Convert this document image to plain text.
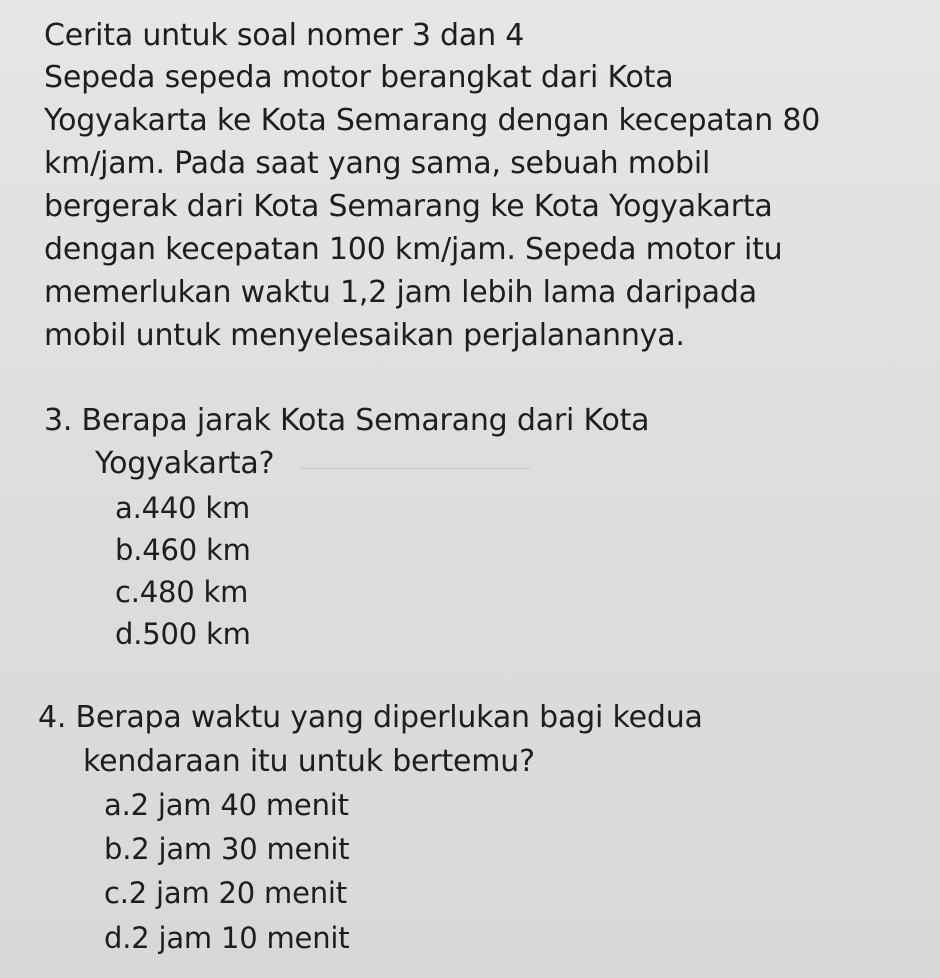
Cerita untuk soal nomer 3 dan 4
Sepeda sepeda motor berangkat dari Kota
Yogyakarta ke Kota Semarang dengan kecepatan 80
km/jam. Pada saat yang sama, sebuah mobil
bergerak dari Kota Semarang ke Kota Yogyakarta
dengan kecepatan 100 km/jam. Sepeda motor itu
memerlukan waktu 1,2 jam lebih lama daripada
mobil untuk menyelesaikan perjalanannya.
3. Berapa jarak Kota Semarang dari Kota
Yogyakarta?
a.440 km
b.460 km
c.480 km
d.500 km
4. Berapa waktu yang diperlukan bagi kedua
kendaraan itu untuk bertemu?
a.2 jam 40 menit
b.2 jam 30 menit
c.2 jam 20 menit
d.2 jam 10 menit
